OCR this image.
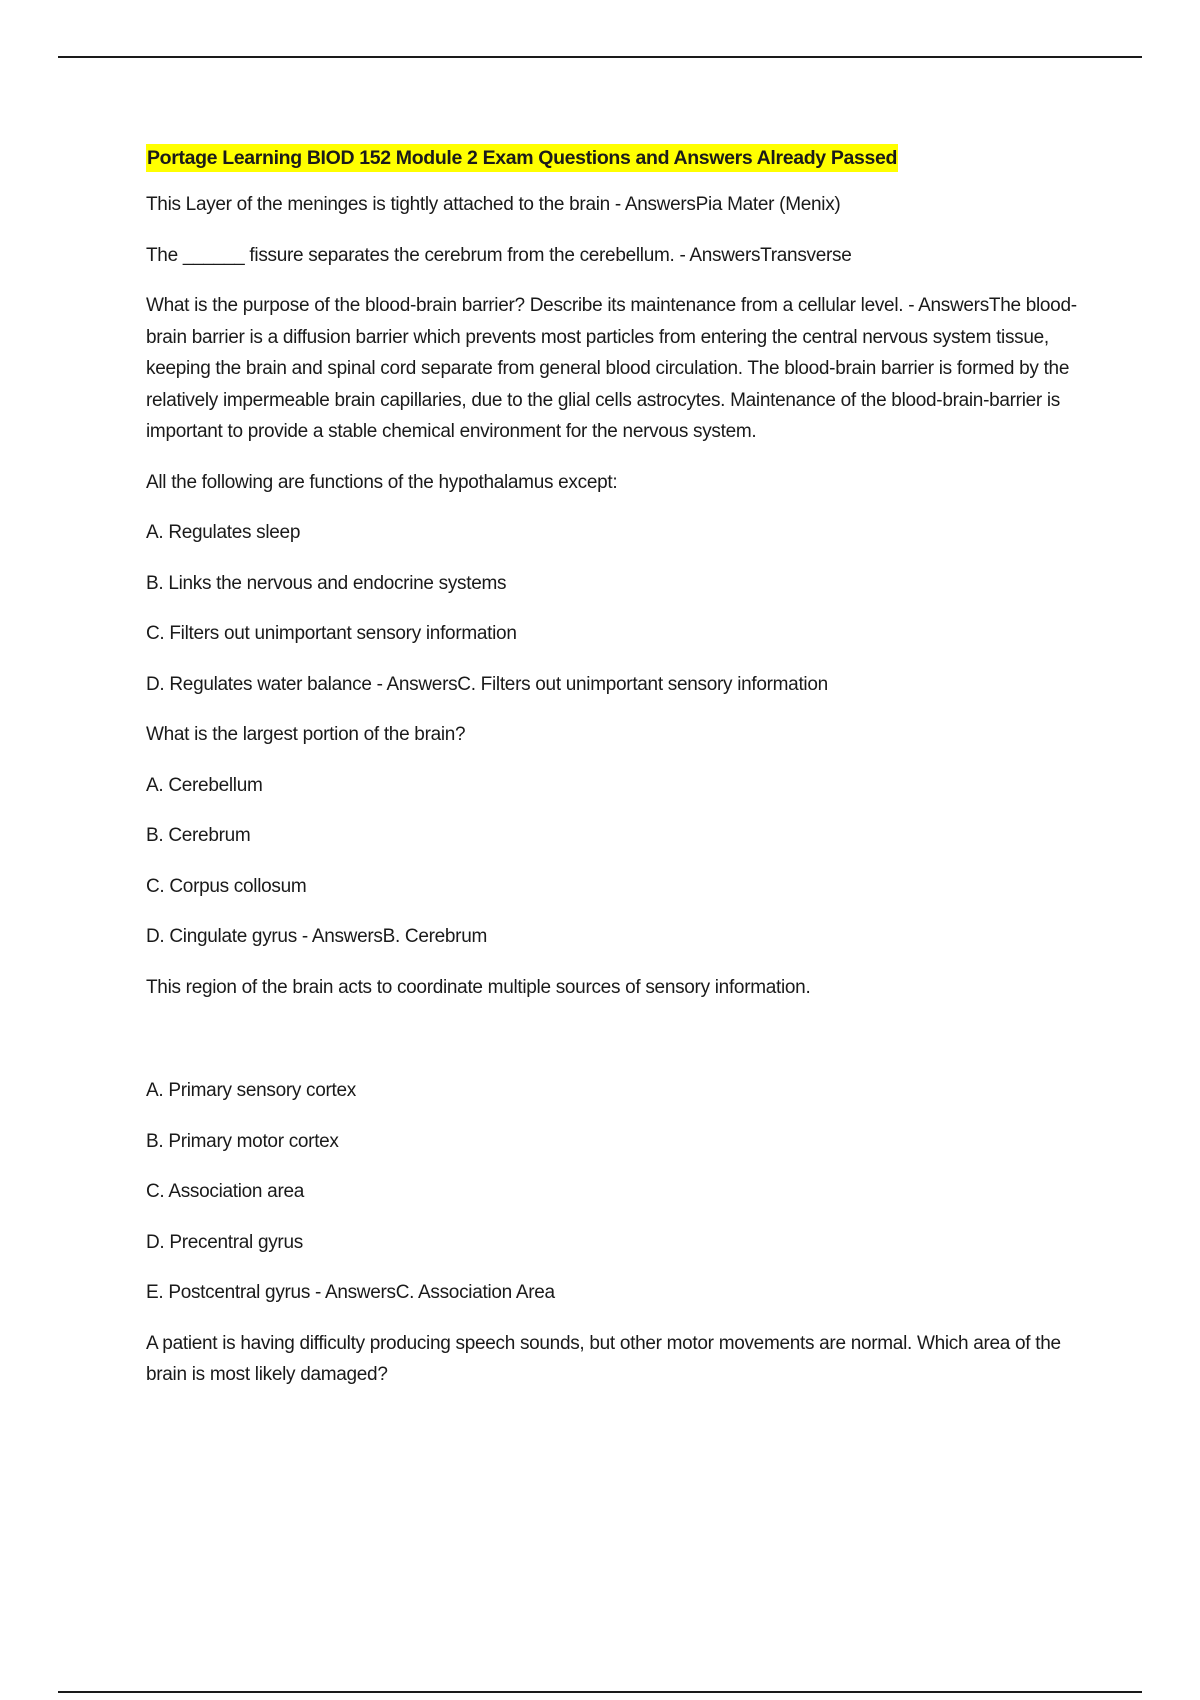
Portage Learning BIOD 152 Module 2 Exam Questions and Answers Already Passed
This Layer of the meninges is tightly attached to the brain - AnswersPia Mater (Menix)
The ______ fissure separates the cerebrum from the cerebellum. - AnswersTransverse
What is the purpose of the blood-brain barrier? Describe its maintenance from a cellular level. - AnswersThe blood-brain barrier is a diffusion barrier which prevents most particles from entering the central nervous system tissue, keeping the brain and spinal cord separate from general blood circulation. The blood-brain barrier is formed by the relatively impermeable brain capillaries, due to the glial cells astrocytes. Maintenance of the blood-brain-barrier is important to provide a stable chemical environment for the nervous system.
All the following are functions of the hypothalamus except:
A. Regulates sleep
B. Links the nervous and endocrine systems
C. Filters out unimportant sensory information
D. Regulates water balance - AnswersC. Filters out unimportant sensory information
What is the largest portion of the brain?
A. Cerebellum
B. Cerebrum
C. Corpus collosum
D. Cingulate gyrus - AnswersB. Cerebrum
This region of the brain acts to coordinate multiple sources of sensory information.
A. Primary sensory cortex
B. Primary motor cortex
C. Association area
D. Precentral gyrus
E. Postcentral gyrus - AnswersC. Association Area
A patient is having difficulty producing speech sounds, but other motor movements are normal. Which area of the brain is most likely damaged?
